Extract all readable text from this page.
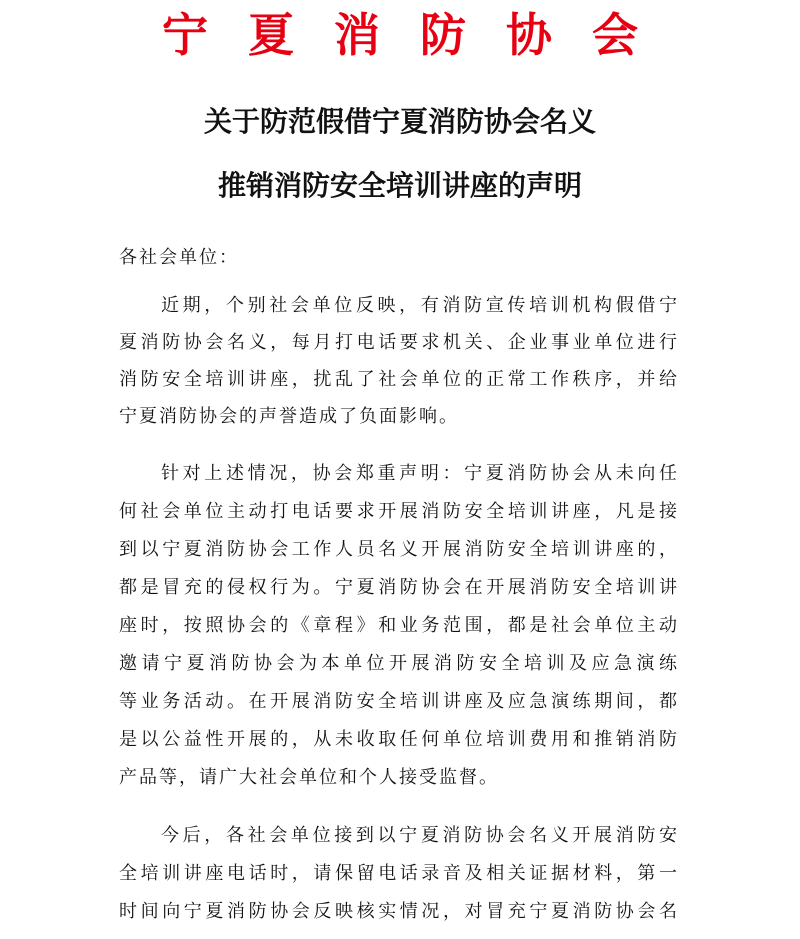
宁夏消防协会
关于防范假借宁夏消防协会名义
推销消防安全培训讲座的声明
各社会单位：
近期，个别社会单位反映，有消防宣传培训机构假借宁
夏消防协会名义，每月打电话要求机关、企业事业单位进行
消防安全培训讲座，扰乱了社会单位的正常工作秩序，并给
宁夏消防协会的声誉造成了负面影响。
针对上述情况，协会郑重声明：宁夏消防协会从未向任
何社会单位主动打电话要求开展消防安全培训讲座，凡是接
到以宁夏消防协会工作人员名义开展消防安全培训讲座的，
都是冒充的侵权行为。宁夏消防协会在开展消防安全培训讲
座时，按照协会的《章程》和业务范围，都是社会单位主动
邀请宁夏消防协会为本单位开展消防安全培训及应急演练
等业务活动。在开展消防安全培训讲座及应急演练期间，都
是以公益性开展的，从未收取任何单位培训费用和推销消防
产品等，请广大社会单位和个人接受监督。
今后，各社会单位接到以宁夏消防协会名义开展消防安
全培训讲座电话时，请保留电话录音及相关证据材料，第一
时间向宁夏消防协会反映核实情况，对冒充宁夏消防协会名
